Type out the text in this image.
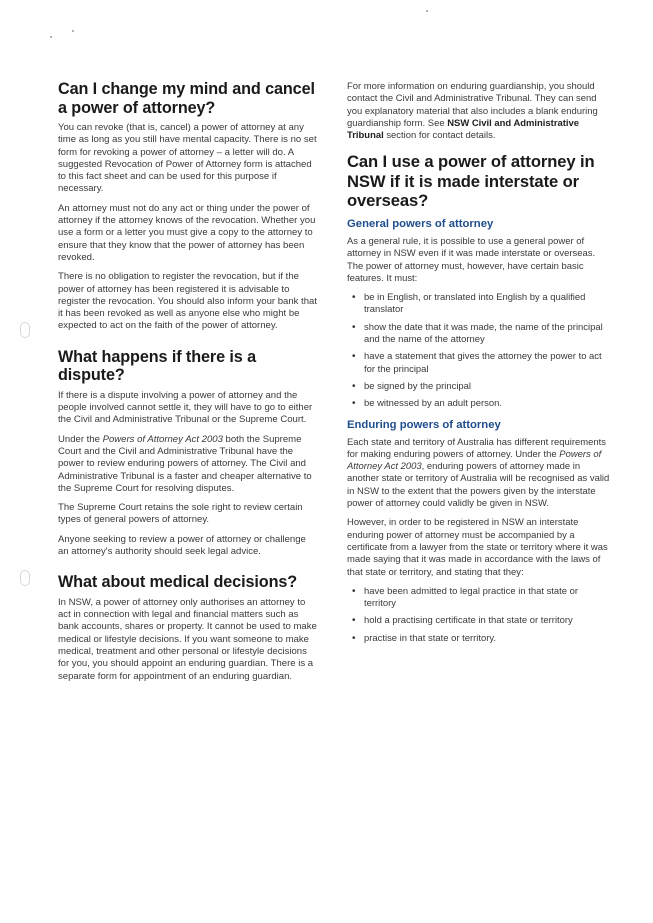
Can I change my mind and cancel a power of attorney?

You can revoke (that is, cancel) a power of attorney at any time as long as you still have mental capacity. There is no set form for revoking a power of attorney – a letter will do. A suggested Revocation of Power of Attorney form is attached to this fact sheet and can be used for this purpose if necessary.

An attorney must not do any act or thing under the power of attorney if the attorney knows of the revocation. Whether you use a form or a letter you must give a copy to the attorney to ensure that they know that the power of attorney has been revoked.

There is no obligation to register the revocation, but if the power of attorney has been registered it is advisable to register the revocation. You should also inform your bank that it has been revoked as well as anyone else who might be expected to act on the faith of the power of attorney.

What happens if there is a dispute?

If there is a dispute involving a power of attorney and the people involved cannot settle it, they will have to go to either the Civil and Administrative Tribunal or the Supreme Court.

Under the Powers of Attorney Act 2003 both the Supreme Court and the Civil and Administrative Tribunal have the power to review enduring powers of attorney. The Civil and Administrative Tribunal is a faster and cheaper alternative to the Supreme Court for resolving disputes.

The Supreme Court retains the sole right to review certain types of general powers of attorney.

Anyone seeking to review a power of attorney or challenge an attorney's authority should seek legal advice.

What about medical decisions?

In NSW, a power of attorney only authorises an attorney to act in connection with legal and financial matters such as bank accounts, shares or property. It cannot be used to make medical or lifestyle decisions. If you want someone to make medical, treatment and other personal or lifestyle decisions for you, you should appoint an enduring guardian. There is a separate form for appointment of an enduring guardian.

For more information on enduring guardianship, you should contact the Civil and Administrative Tribunal. They can send you explanatory material that also includes a blank enduring guardianship form. See NSW Civil and Administrative Tribunal section for contact details.

Can I use a power of attorney in NSW if it is made interstate or overseas?
General powers of attorney

As a general rule, it is possible to use a general power of attorney in NSW even if it was made interstate or overseas. The power of attorney must, however, have certain basic features. It must:

• be in English, or translated into English by a qualified translator
• show the date that it was made, the name of the principal and the name of the attorney
• have a statement that gives the attorney the power to act for the principal
• be signed by the principal
• be witnessed by an adult person.
Enduring powers of attorney

Each state and territory of Australia has different requirements for making enduring powers of attorney. Under the Powers of Attorney Act 2003, enduring powers of attorney made in another state or territory of Australia will be recognised as valid in NSW to the extent that the powers given by the interstate power of attorney could validly be given in NSW.

However, in order to be registered in NSW an interstate enduring power of attorney must be accompanied by a certificate from a lawyer from the state or territory where it was made saying that it was made in accordance with the laws of that state or territory, and stating that they:

• have been admitted to legal practice in that state or territory
• hold a practising certificate in that state or territory
• practise in that state or territory.
